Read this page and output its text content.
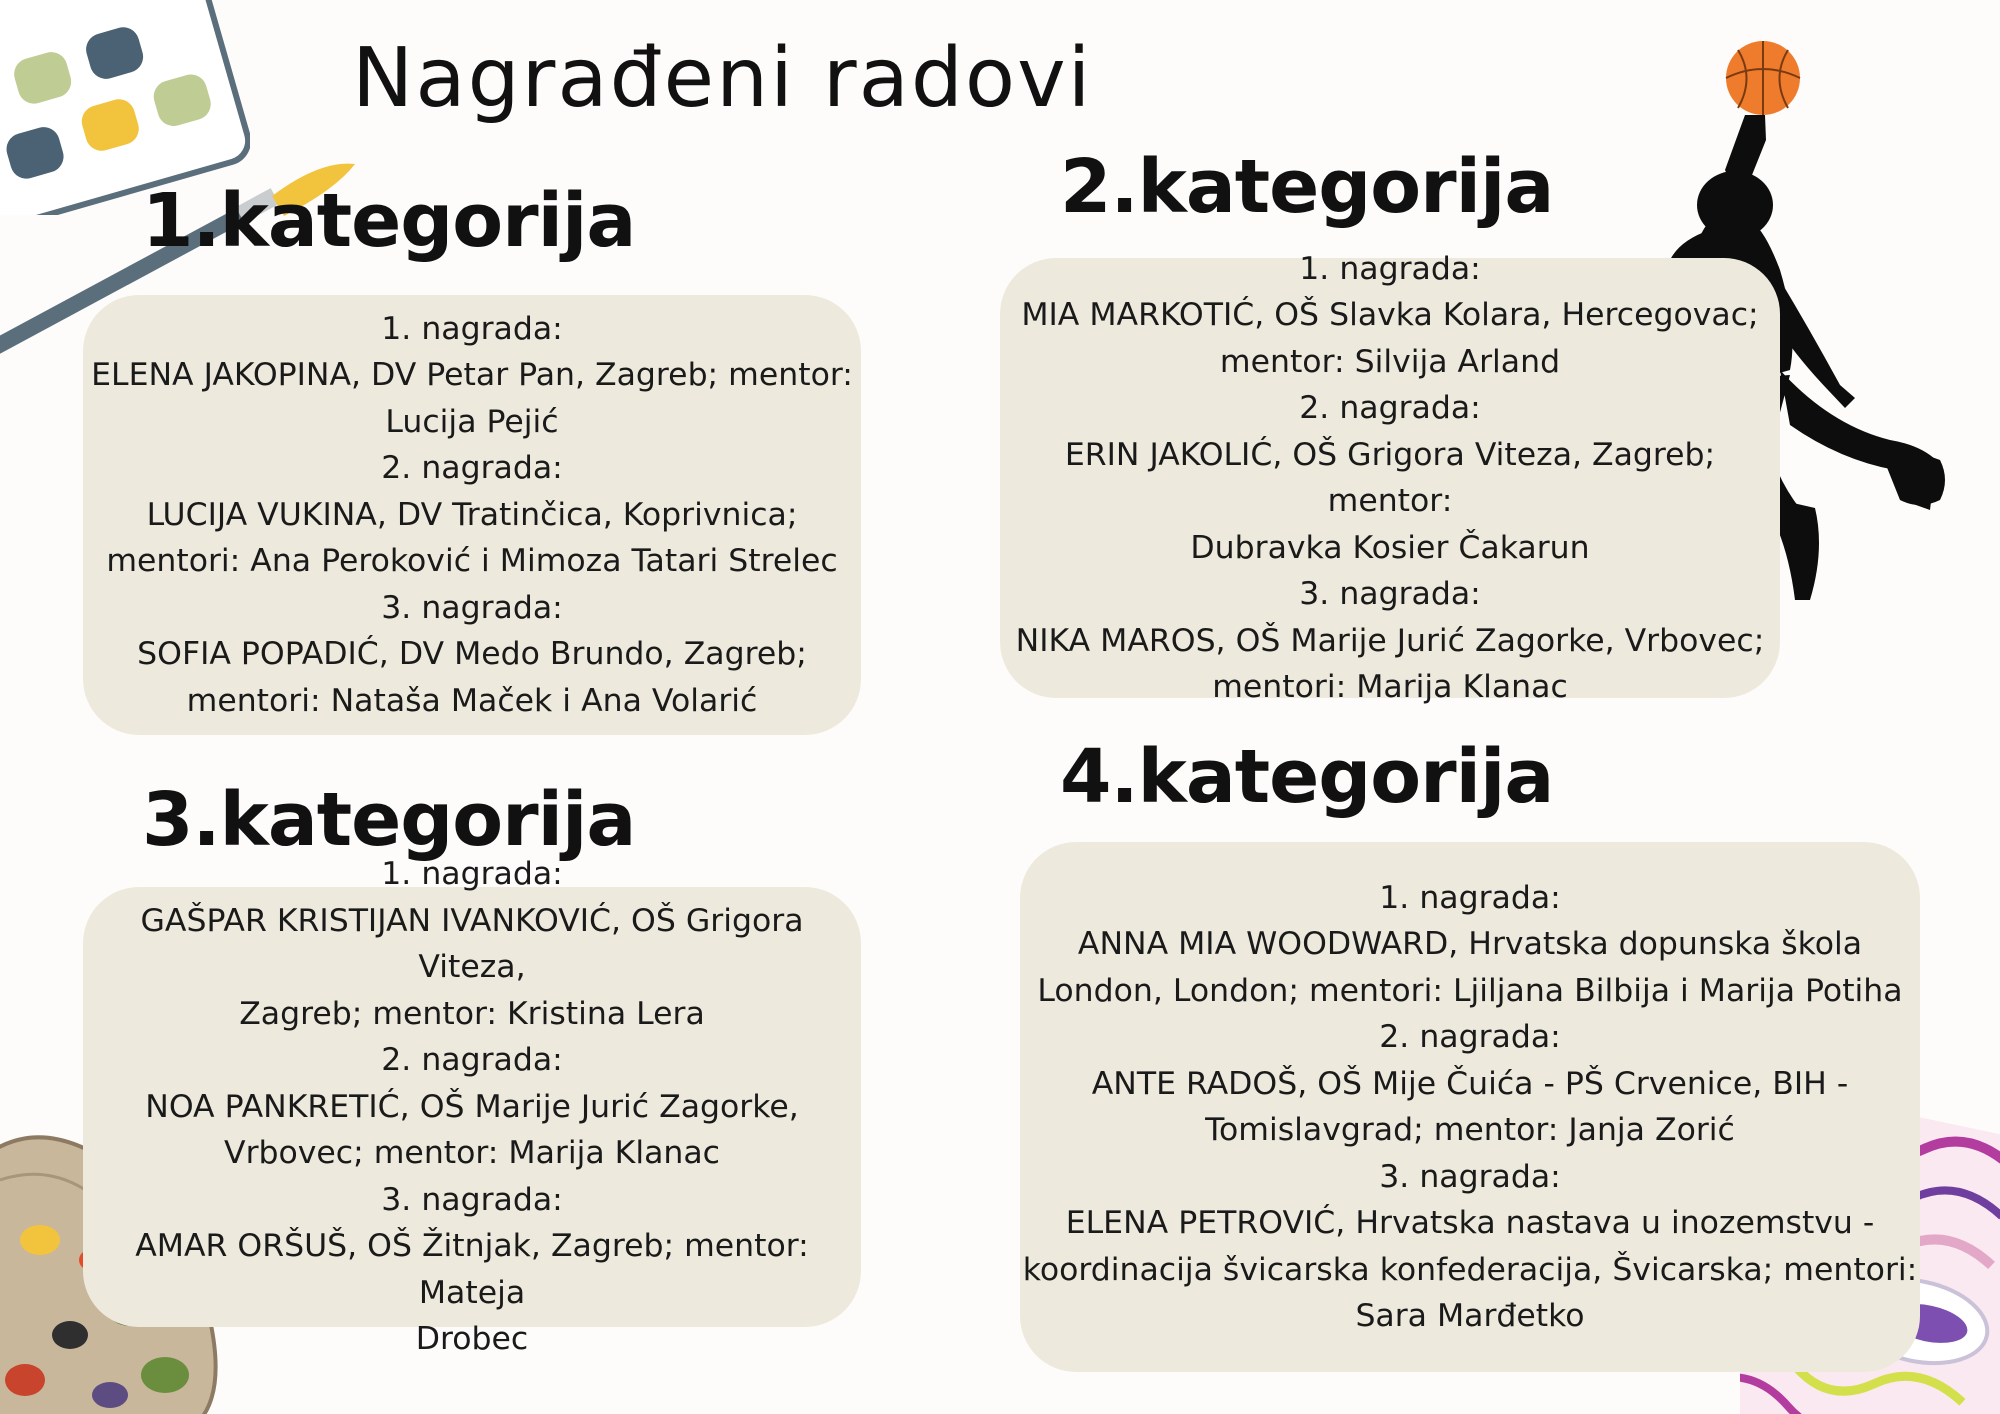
Nagrađeni radovi
1.kategorija

1. nagrada:

ELENA JAKOPINA, DV Petar Pan, Zagreb; mentor:

Lucija Pejić

2. nagrada:

LUCIJA VUKINA, DV Tratinčica, Koprivnica;

mentori: Ana Peroković i Mimoza Tatari Strelec

3. nagrada:

SOFIA POPADIĆ, DV Medo Brundo, Zagreb;

mentori: Nataša Maček i Ana Volarić

2.kategorija

1. nagrada:

MIA MARKOTIĆ, OŠ Slavka Kolara, Hercegovac;

mentor: Silvija Arland

2. nagrada:

ERIN JAKOLIĆ, OŠ Grigora Viteza, Zagreb; mentor:

Dubravka Kosier Čakarun

3. nagrada:

NIKA MAROS, OŠ Marije Jurić Zagorke, Vrbovec;

mentori: Marija Klanac

3.kategorija

1. nagrada:

GAŠPAR KRISTIJAN IVANKOVIĆ, OŠ Grigora Viteza,

Zagreb; mentor: Kristina Lera

2. nagrada:

NOA PANKRETIĆ, OŠ Marije Jurić Zagorke,

Vrbovec; mentor: Marija Klanac

3. nagrada:

AMAR ORŠUŠ, OŠ Žitnjak, Zagreb; mentor: Mateja

Drobec

4.kategorija

1. nagrada:

ANNA MIA WOODWARD, Hrvatska dopunska škola

London, London; mentori: Ljiljana Bilbija i Marija Potiha

2. nagrada:

ANTE RADOŠ, OŠ Mije Čuića - PŠ Crvenice, BIH -

Tomislavgrad; mentor: Janja Zorić

3. nagrada:

ELENA PETROVIĆ, Hrvatska nastava u inozemstvu -

koordinacija švicarska konfederacija, Švicarska; mentori:

Sara Marđetko
